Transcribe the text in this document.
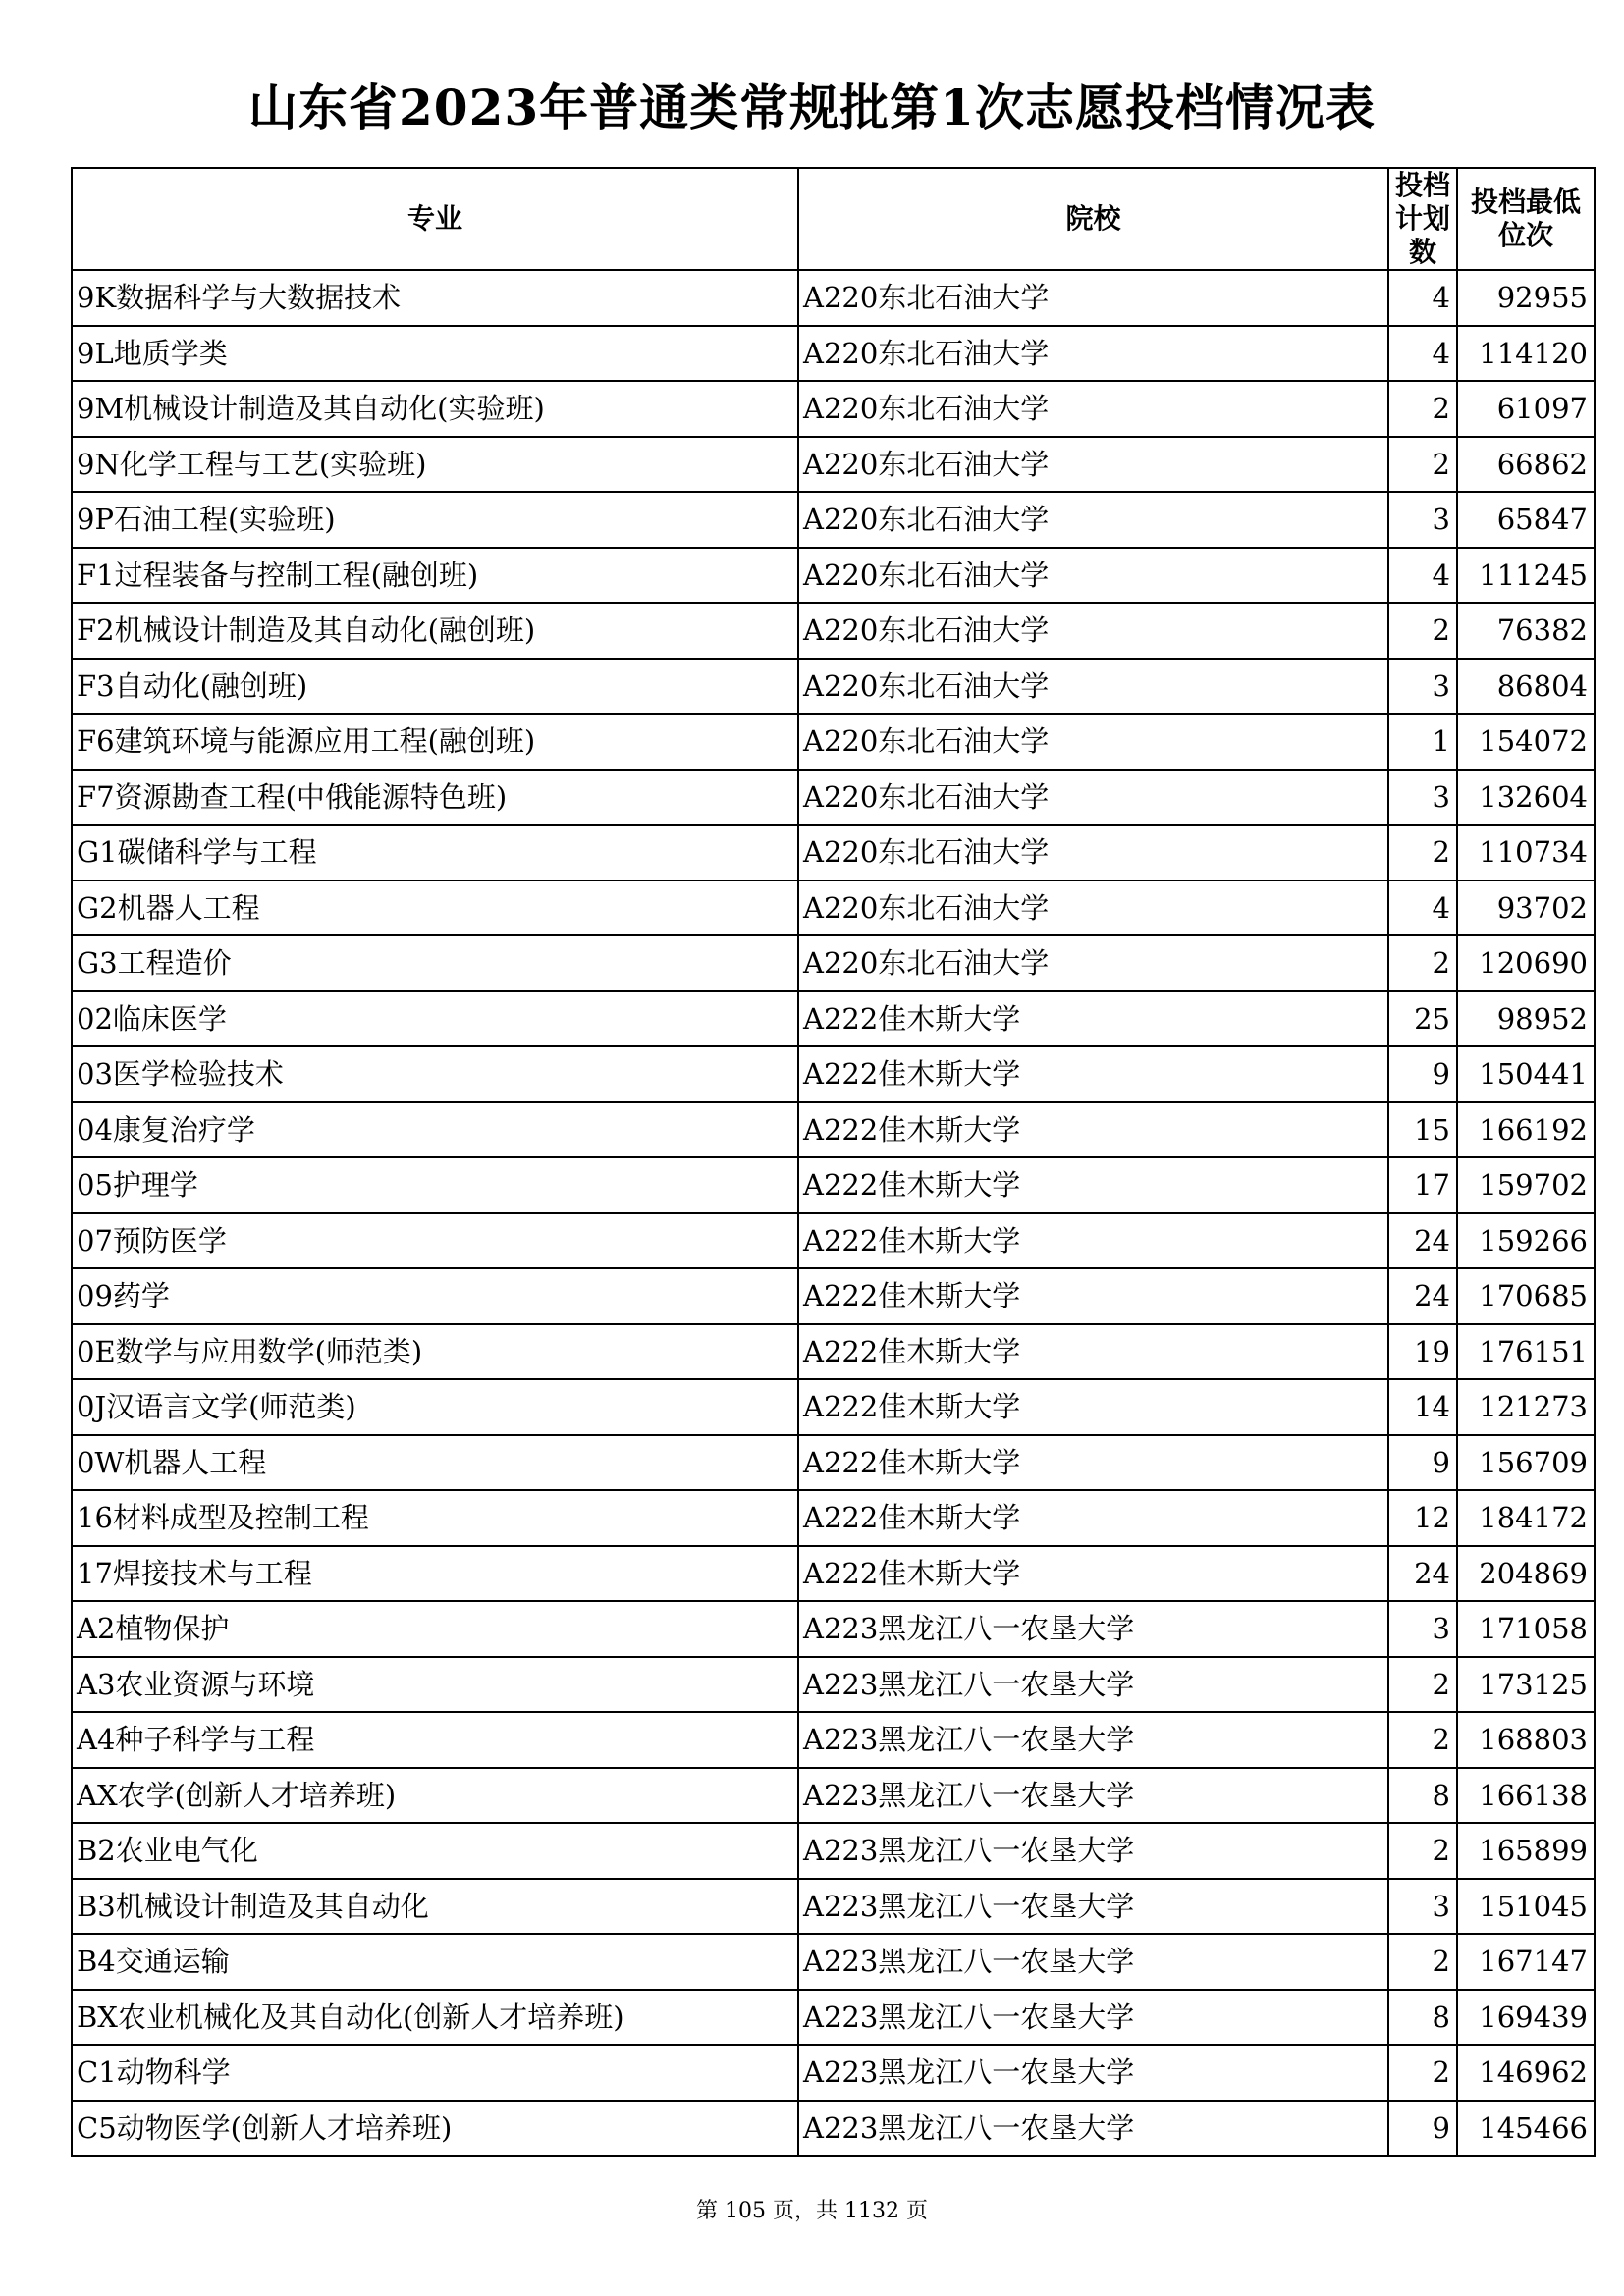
山东省2023年普通类常规批第1次志愿投档情况表
专业	院校	投档计划数	投档最低位次
9K数据科学与大数据技术	A220东北石油大学	4	92955
9L地质学类	A220东北石油大学	4	114120
9M机械设计制造及其自动化(实验班)	A220东北石油大学	2	61097
9N化学工程与工艺(实验班)	A220东北石油大学	2	66862
9P石油工程(实验班)	A220东北石油大学	3	65847
F1过程装备与控制工程(融创班)	A220东北石油大学	4	111245
F2机械设计制造及其自动化(融创班)	A220东北石油大学	2	76382
F3自动化(融创班)	A220东北石油大学	3	86804
F6建筑环境与能源应用工程(融创班)	A220东北石油大学	1	154072
F7资源勘查工程(中俄能源特色班)	A220东北石油大学	3	132604
G1碳储科学与工程	A220东北石油大学	2	110734
G2机器人工程	A220东北石油大学	4	93702
G3工程造价	A220东北石油大学	2	120690
02临床医学	A222佳木斯大学	25	98952
03医学检验技术	A222佳木斯大学	9	150441
04康复治疗学	A222佳木斯大学	15	166192
05护理学	A222佳木斯大学	17	159702
07预防医学	A222佳木斯大学	24	159266
09药学	A222佳木斯大学	24	170685
0E数学与应用数学(师范类)	A222佳木斯大学	19	176151
0J汉语言文学(师范类)	A222佳木斯大学	14	121273
0W机器人工程	A222佳木斯大学	9	156709
16材料成型及控制工程	A222佳木斯大学	12	184172
17焊接技术与工程	A222佳木斯大学	24	204869
A2植物保护	A223黑龙江八一农垦大学	3	171058
A3农业资源与环境	A223黑龙江八一农垦大学	2	173125
A4种子科学与工程	A223黑龙江八一农垦大学	2	168803
AX农学(创新人才培养班)	A223黑龙江八一农垦大学	8	166138
B2农业电气化	A223黑龙江八一农垦大学	2	165899
B3机械设计制造及其自动化	A223黑龙江八一农垦大学	3	151045
B4交通运输	A223黑龙江八一农垦大学	2	167147
BX农业机械化及其自动化(创新人才培养班)	A223黑龙江八一农垦大学	8	169439
C1动物科学	A223黑龙江八一农垦大学	2	146962
C5动物医学(创新人才培养班)	A223黑龙江八一农垦大学	9	145466
第 105 页，共 1132 页
